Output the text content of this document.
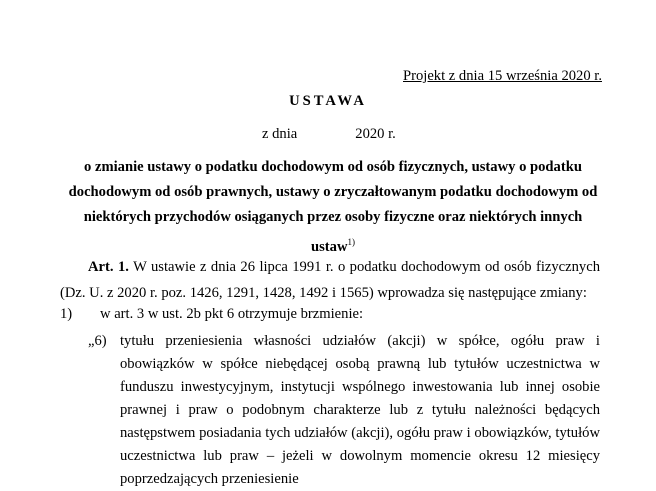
Projekt z dnia 15 września 2020 r.
USTAWA
z dnia	2020 r.
o zmianie ustawy o podatku dochodowym od osób fizycznych, ustawy o podatku dochodowym od osób prawnych, ustawy o zryczałtowanym podatku dochodowym od niektórych przychodów osiąganych przez osoby fizyczne oraz niektórych innych ustaw$^{1)}$
Art. 1. W ustawie z dnia 26 lipca 1991 r. o podatku dochodowym od osób fizycznych (Dz. U. z 2020 r. poz. 1426, 1291, 1428, 1492 i 1565) wprowadza się następujące zmiany:
1) w art. 3 w ust. 2b pkt 6 otrzymuje brzmienie:
„6) tytułu przeniesienia własności udziałów (akcji) w spółce, ogółu praw i obowiązków w spółce niebędącej osobą prawną lub tytułów uczestnictwa w funduszu inwestycyjnym, instytucji wspólnego inwestowania lub innej osobie prawnej i praw o podobnym charakterze lub z tytułu należności będących następstwem posiadania tych udziałów (akcji), ogółu praw i obowiązków, tytułów uczestnictwa lub praw – jeżeli w dowolnym momencie okresu 12 miesięcy poprzedzających przeniesienie
